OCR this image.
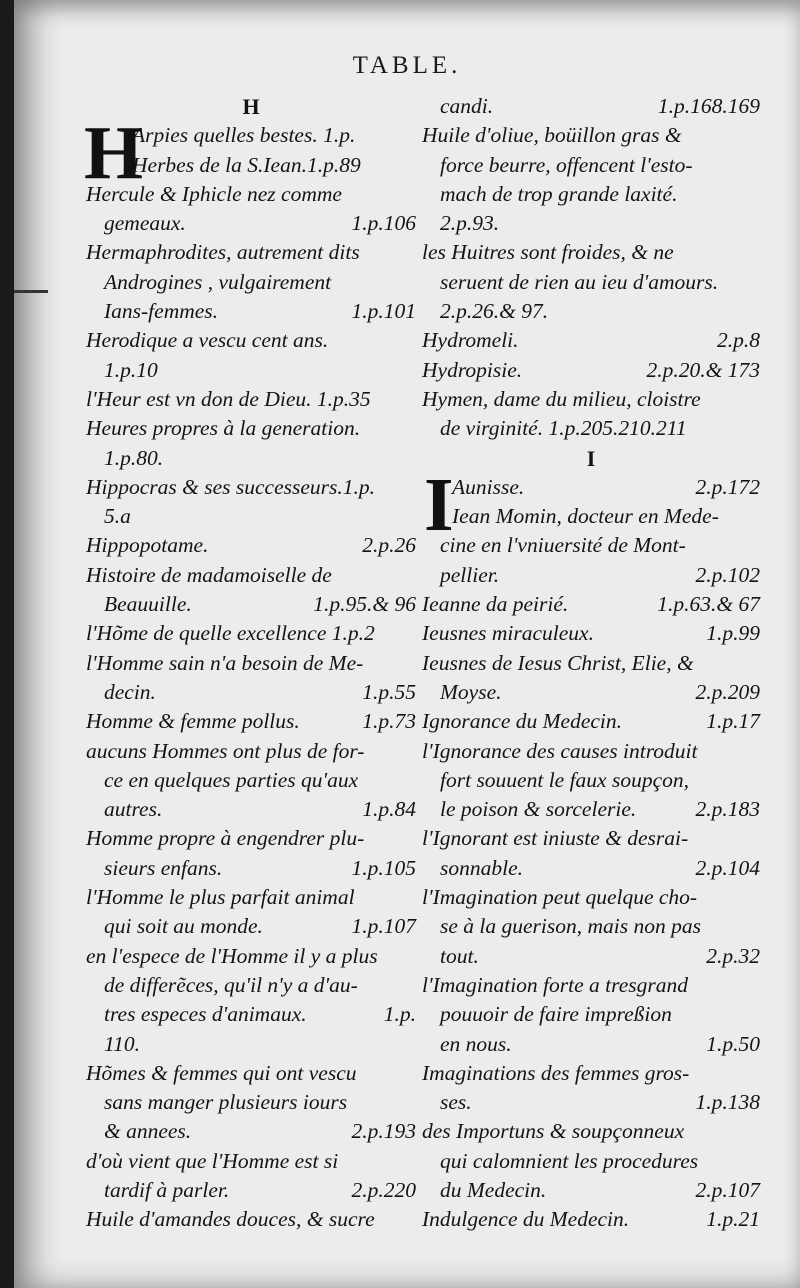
TABLE.
H
H
Arpies quelles bestes. 1.p.
Herbes de la S.Iean.1.p.89
Hercule & Iphicle nez comme
gemeaux.	1.p.106
Hermaphrodites, autrement dits
Androgines , vulgairement
Ians-femmes.	1.p.101
Herodique a vescu cent ans.
1.p.10
l'Heur est vn don de Dieu. 1.p.35
Heures propres à la generation.
1.p.80.
Hippocras & ses successeurs.1.p.
5.a
Hippopotame.	2.p.26
Histoire de madamoiselle de
Beauuille.	1.p.95.& 96
l'Hõme de quelle excellence 1.p.2
l'Homme sain n'a besoin de Me-
decin.	1.p.55
Homme & femme pollus.	1.p.73
aucuns Hommes ont plus de for-
ce en quelques parties qu'aux
autres.	1.p.84
Homme propre à engendrer plu-
sieurs enfans.	1.p.105
l'Homme le plus parfait animal
qui soit au monde.	1.p.107
en l'espece de l'Homme il y a plus
de differẽces, qu'il n'y a d'au-
tres especes d'animaux.	1.p.
110.
Hõmes & femmes qui ont vescu
sans manger plusieurs iours
& annees.	2.p.193
d'où vient que l'Homme est si
tardif à parler.	2.p.220
Huile d'amandes douces, & sucre
candi.	1.p.168.169
Huile d'oliue, boüillon gras &
force beurre, offencent l'esto-
mach de trop grande laxité.
2.p.93.
les Huitres sont froides, & ne
seruent de rien au ieu d'amours.
2.p.26.& 97.
Hydromeli.	2.p.8
Hydropisie.	2.p.20.& 173
Hymen, dame du milieu, cloistre
de virginité. 1.p.205.210.211
I
I
Aunisse.	2.p.172
Iean Momin, docteur en Mede-
cine en l'vniuersité de Mont-
pellier.	2.p.102
Ieanne da peirié.	1.p.63.& 67
Ieusnes miraculeux.	1.p.99
Ieusnes de Iesus Christ, Elie, &
Moyse.	2.p.209
Ignorance du Medecin.	1.p.17
l'Ignorance des causes introduit
fort souuent le faux soupçon,
le poison & sorcelerie.	2.p.183
l'Ignorant est iniuste & desrai-
sonnable.	2.p.104
l'Imagination peut quelque cho-
se à la guerison, mais non pas
tout.	2.p.32
l'Imagination forte a tresgrand
pouuoir de faire impreßion
en nous.	1.p.50
Imaginations des femmes gros-
ses.	1.p.138
des Importuns & soupçonneux
qui calomnient les procedures
du Medecin.	2.p.107
Indulgence du Medecin.	1.p.21
